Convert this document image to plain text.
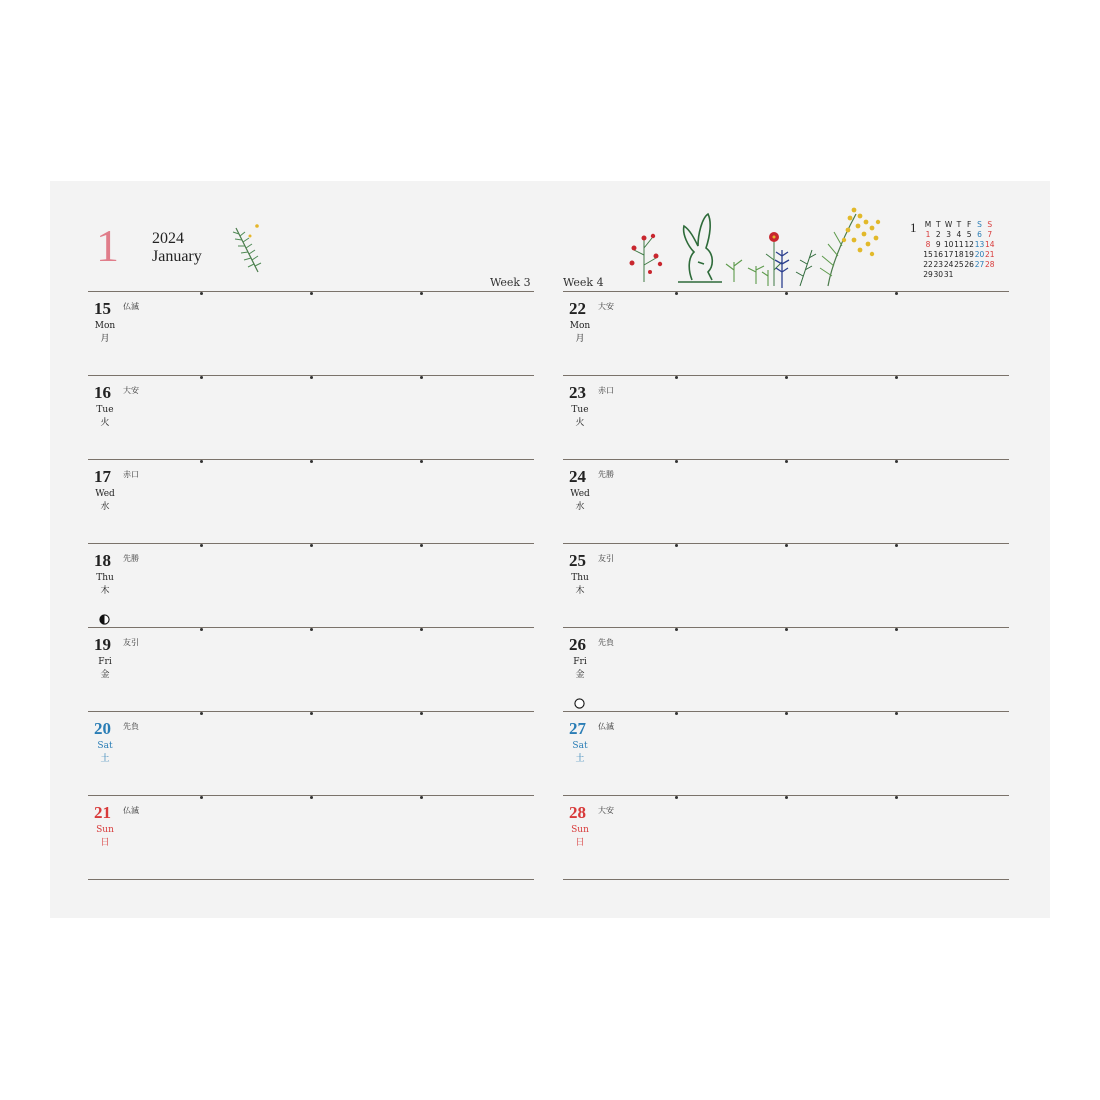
1 2024
January
Week 3	Week 4
1 M T W T F S S
1 2 3 4 5 6 7
8 9 10 11 12 13 14
15 16 17 18 19 20 21
22 23 24 25 26 27 28
29 30 31
15
Mon
月
仏滅
16
Tue
火
大安
17
Wed
水
赤口
18
Thu
木
先勝
19
Fri
金
友引
20
Sat
土
先負
21
Sun
日
仏滅
22
Mon
月
大安
23
Tue
火
赤口
24
Wed
水
先勝
25
Thu
木
友引
26
Fri
金
先負
27
Sat
土
仏滅
28
Sun
日
大安
